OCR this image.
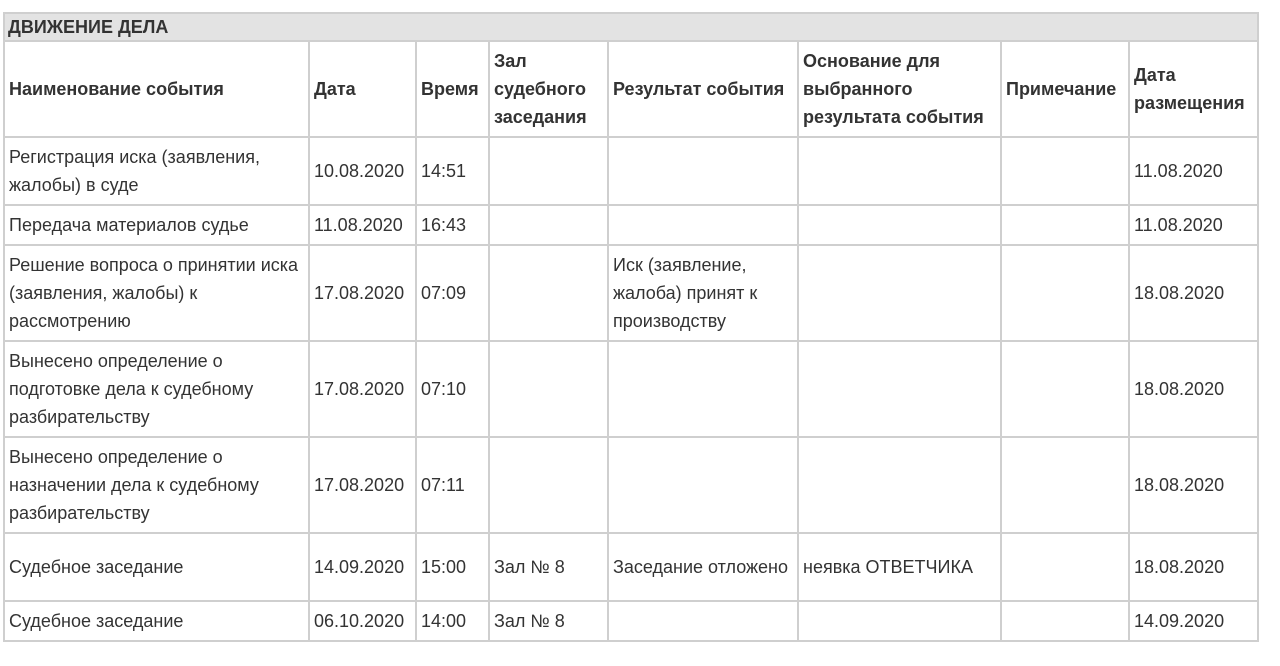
ДВИЖЕНИЕ ДЕЛА							
Наименование события	Дата	Время	Зал судебного заседания	Результат события	Основание для выбранного результата события	Примечание	Дата размещения
Регистрация иска (заявления, жалобы) в суде	10.08.2020	14:51					11.08.2020
Передача материалов судье	11.08.2020	16:43					11.08.2020
Решение вопроса о принятии иска (заявления, жалобы) к рассмотрению	17.08.2020	07:09		Иск (заявление, жалоба) принят к производству			18.08.2020
Вынесено определение о подготовке дела к судебному разбирательству	17.08.2020	07:10					18.08.2020
Вынесено определение о назначении дела к судебному разбирательству	17.08.2020	07:11					18.08.2020
Судебное заседание	14.09.2020	15:00	Зал № 8	Заседание отложено	неявка ОТВЕТЧИКА		18.08.2020
Судебное заседание	06.10.2020	14:00	Зал № 8				14.09.2020
